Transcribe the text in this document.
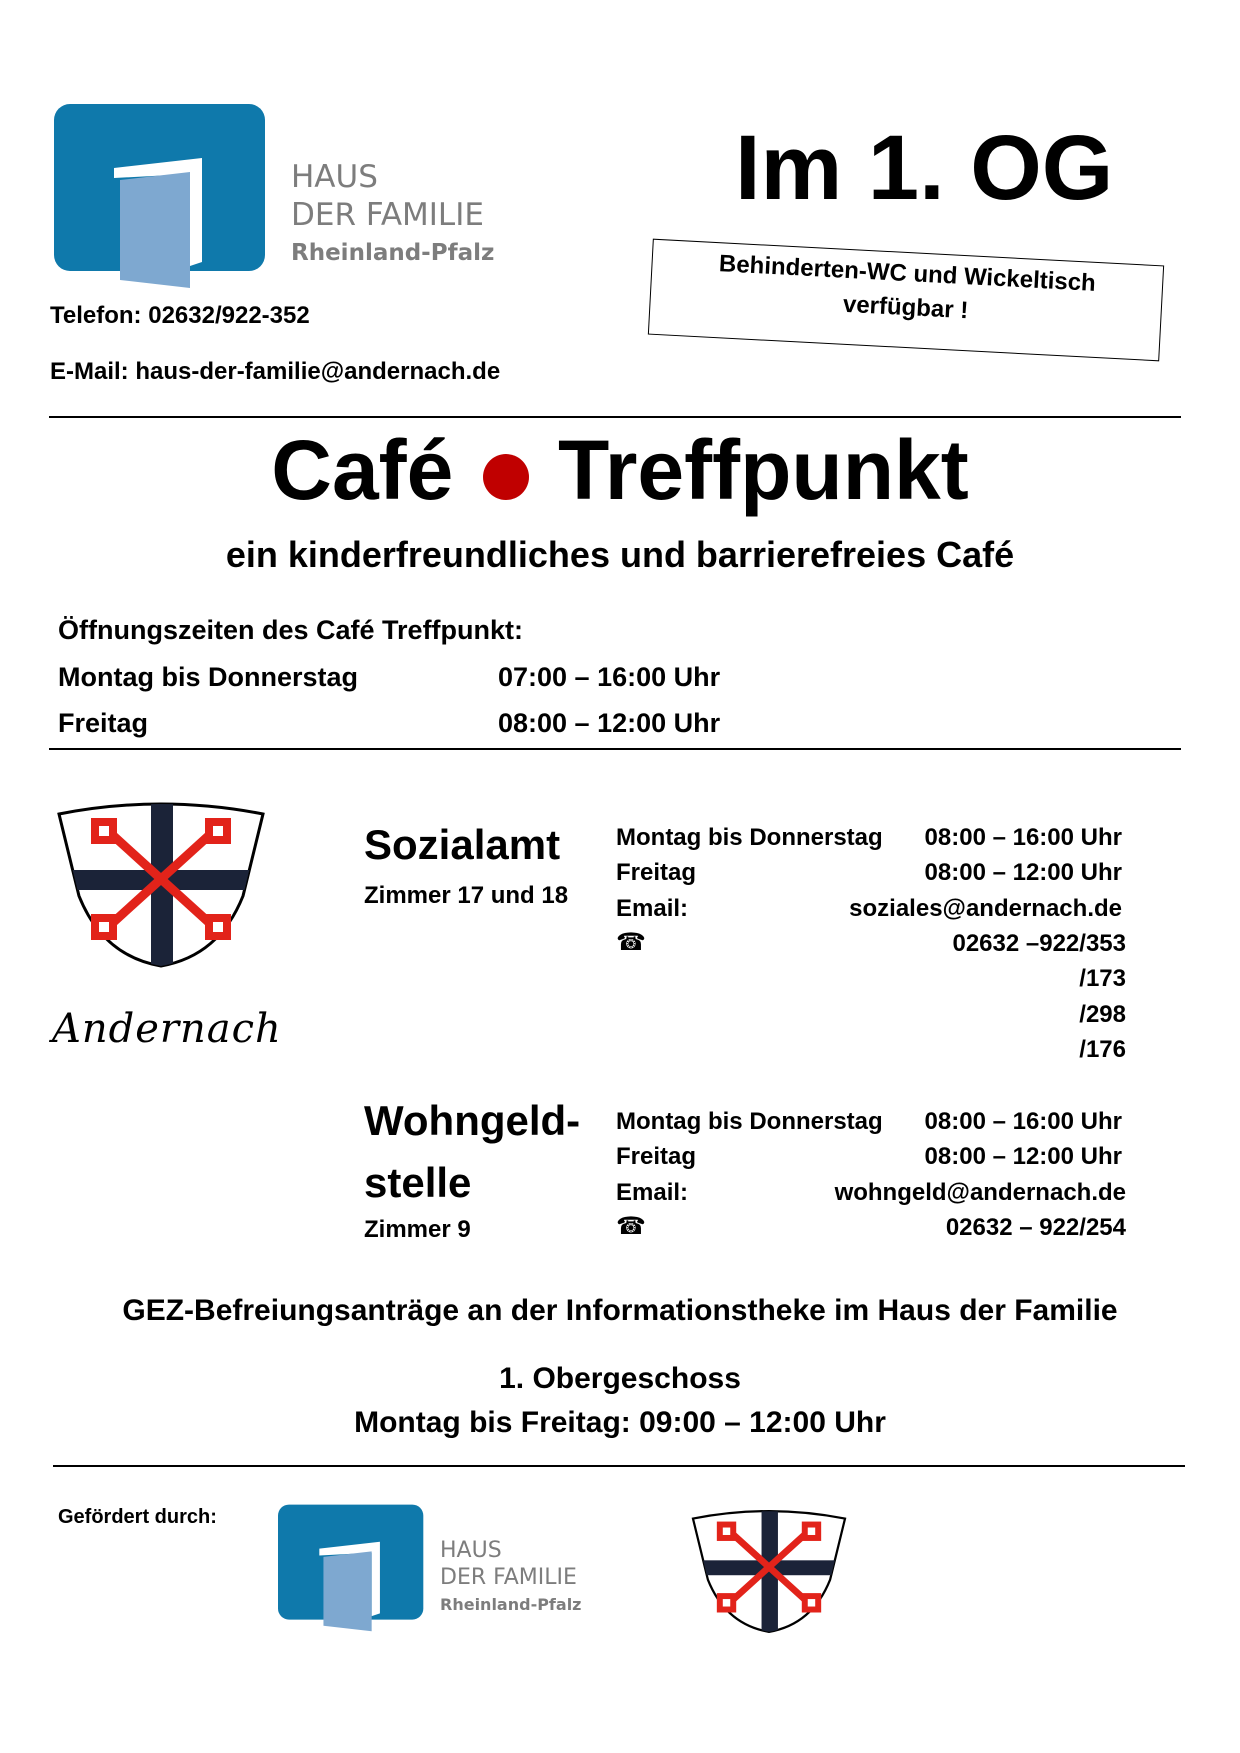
HAUS
DER FAMILIE
Rheinland-Pfalz
Telefon: 02632/922-352
E-Mail: haus-der-familie@andernach.de
Im 1. OG
Behinderten-WC und Wickeltisch
verfügbar !
Café Treffpunkt
ein kinderfreundliches und barrierefreies Café
Öffnungszeiten des Café Treffpunkt:
Montag bis Donnerstag	07:00 – 16:00 Uhr
Freitag	08:00 – 12:00 Uhr
Andernach
Sozialamt
Zimmer 17 und 18
Montag bis Donnerstag
Freitag
Email:
☎
08:00 – 16:00 Uhr
08:00 – 12:00 Uhr
soziales@andernach.de
02632 –922/353
/173
/298
/176
Wohngeld-
stelle
Zimmer 9
Montag bis Donnerstag
Freitag
Email:
☎
08:00 – 16:00 Uhr
08:00 – 12:00 Uhr
wohngeld@andernach.de
02632 – 922/254
GEZ-Befreiungsanträge an der Informationstheke im Haus der Familie
1. Obergeschoss
Montag bis Freitag: 09:00 – 12:00 Uhr
Gefördert durch:
HAUS
DER FAMILIE
Rheinland-Pfalz
